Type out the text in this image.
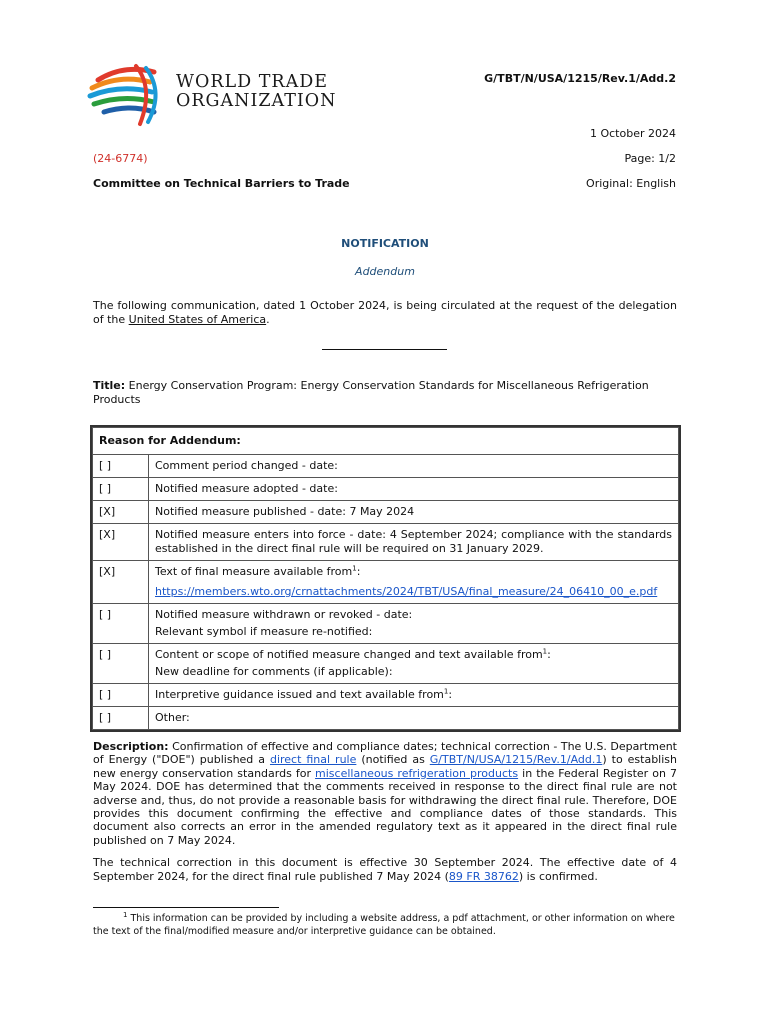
WORLD TRADE
ORGANIZATION
G/TBT/N/USA/1215/Rev.1/Add.2
1 October 2024
(24-6774)	Page: 1/2
Committee on Technical Barriers to Trade	Original: English
NOTIFICATION
Addendum
The following communication, dated 1 October 2024, is being circulated at the request of the delegation of the United States of America.
Title: Energy Conservation Program: Energy Conservation Standards for Miscellaneous Refrigeration Products
Reason for Addendum:	
[ ]	Comment period changed - date:
[ ]	Notified measure adopted - date:
[X]	Notified measure published - date: 7 May 2024
[X]	Notified measure enters into force - date: 4 September 2024; compliance with the standards established in the direct final rule will be required on 31 January 2029.
[X]	Text of final measure available from$^1$:
https://members.wto.org/crnattachments/2024/TBT/USA/final_measure/24_06410_00_e.pdf

[ ]	Notified measure withdrawn or revoked - date:
Relevant symbol if measure re-notified:

[ ]	Content or scope of notified measure changed and text available from$^1$:
New deadline for comments (if applicable):

[ ]	Interpretive guidance issued and text available from$^1$:
[ ]	Other:

Description: Confirmation of effective and compliance dates; technical correction - The U.S. Department of Energy ("DOE") published a direct final rule (notified as G/TBT/N/USA/1215/Rev.1/Add.1) to establish new energy conservation standards for miscellaneous refrigeration products in the Federal Register on 7 May 2024. DOE has determined that the comments received in response to the direct final rule are not adverse and, thus, do not provide a reasonable basis for withdrawing the direct final rule. Therefore, DOE provides this document confirming the effective and compliance dates of those standards. This document also corrects an error in the amended regulatory text as it appeared in the direct final rule published on 7 May 2024.

The technical correction in this document is effective 30 September 2024. The effective date of 4 September 2024, for the direct final rule published 7 May 2024 (89 FR 38762) is confirmed.

$^1$ This information can be provided by including a website address, a pdf attachment, or other information on where the text of the final/modified measure and/or interpretive guidance can be obtained.
